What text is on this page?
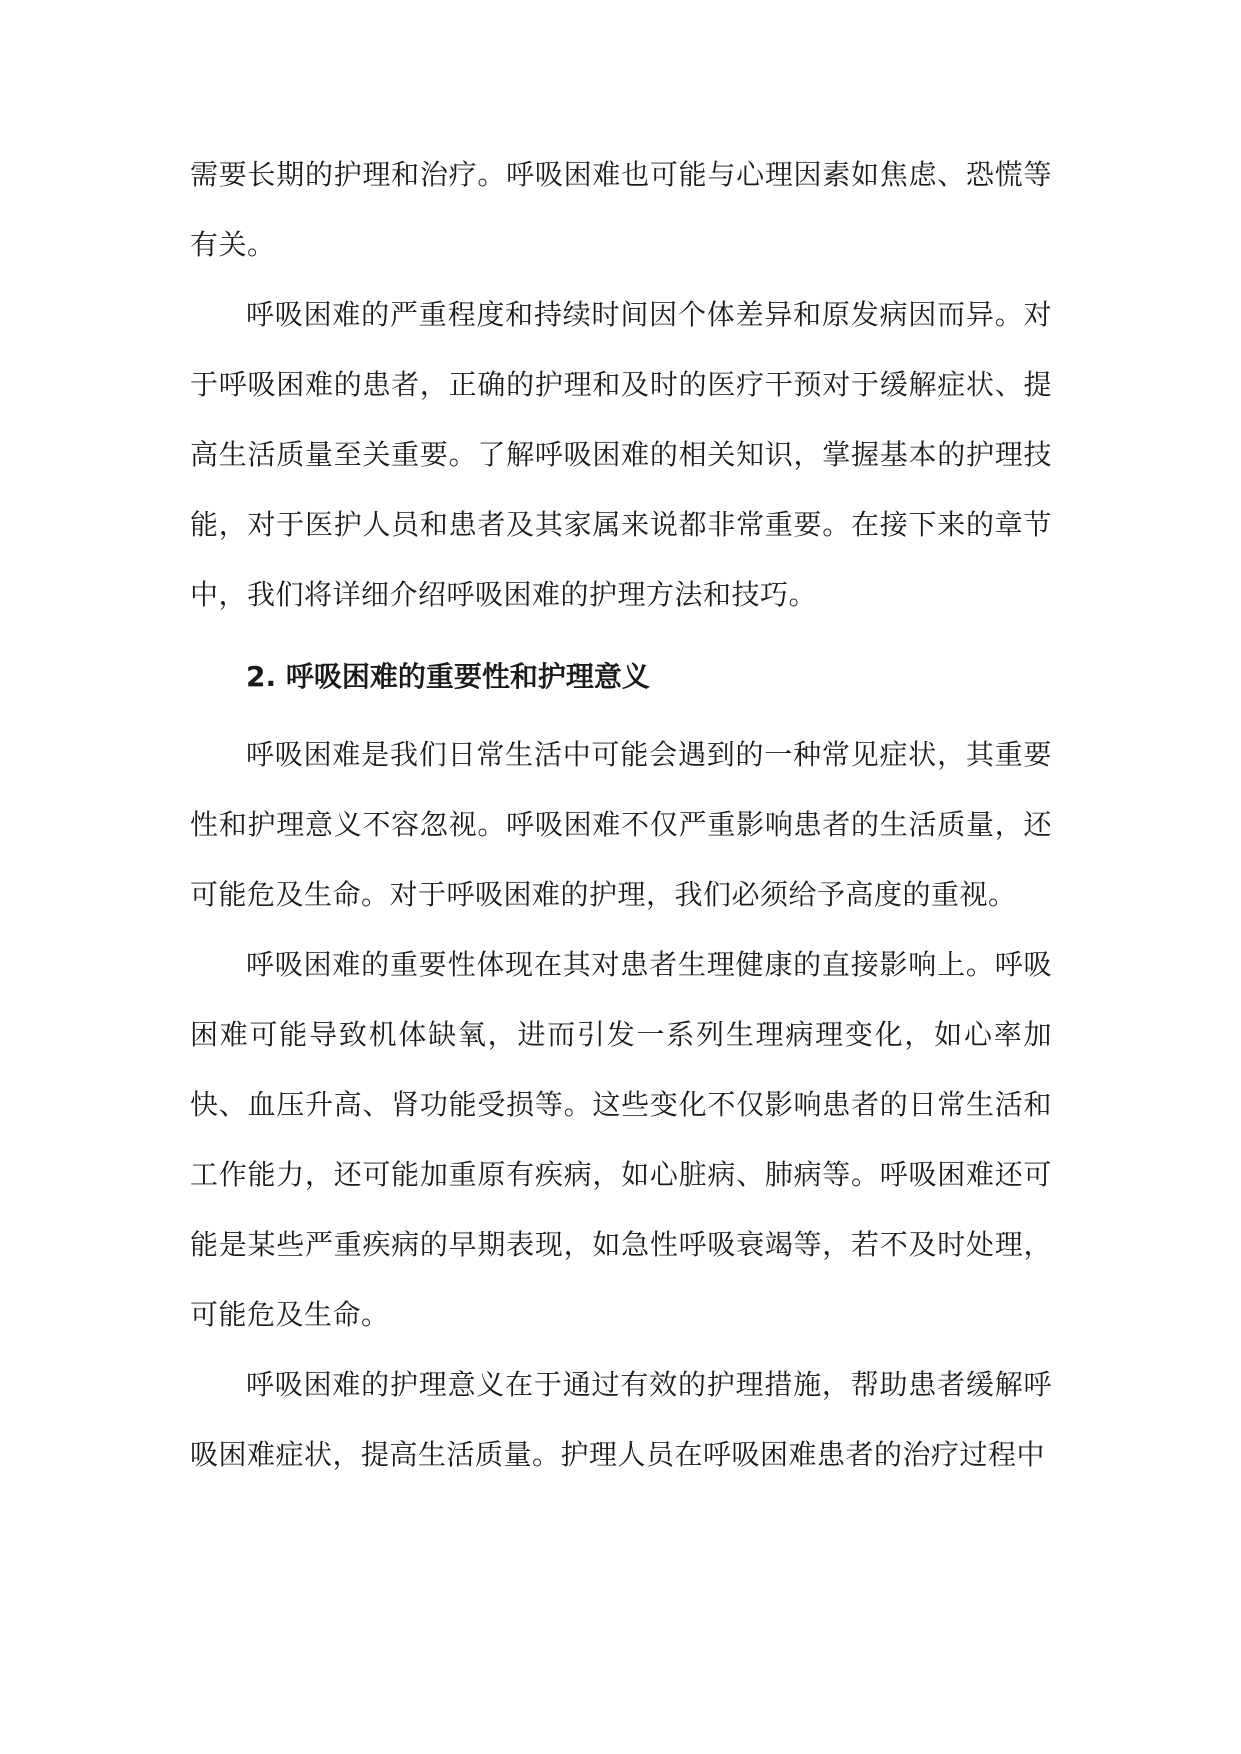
需要长期的护理和治疗。呼吸困难也可能与心理因素如焦虑、恐慌等有关。

呼吸困难的严重程度和持续时间因个体差异和原发病因而异。对于呼吸困难的患者，正确的护理和及时的医疗干预对于缓解症状、提高生活质量至关重要。了解呼吸困难的相关知识，掌握基本的护理技能，对于医护人员和患者及其家属来说都非常重要。在接下来的章节中，我们将详细介绍呼吸困难的护理方法和技巧。

2. 呼吸困难的重要性和护理意义

呼吸困难是我们日常生活中可能会遇到的一种常见症状，其重要性和护理意义不容忽视。呼吸困难不仅严重影响患者的生活质量，还可能危及生命。对于呼吸困难的护理，我们必须给予高度的重视。

呼吸困难的重要性体现在其对患者生理健康的直接影响上。呼吸困难可能导致机体缺氧，进而引发一系列生理病理变化，如心率加快、血压升高、肾功能受损等。这些变化不仅影响患者的日常生活和工作能力，还可能加重原有疾病，如心脏病、肺病等。呼吸困难还可能是某些严重疾病的早期表现，如急性呼吸衰竭等，若不及时处理，可能危及生命。

呼吸困难的护理意义在于通过有效的护理措施，帮助患者缓解呼吸困难症状，提高生活质量。护理人员在呼吸困难患者的治疗过程中
